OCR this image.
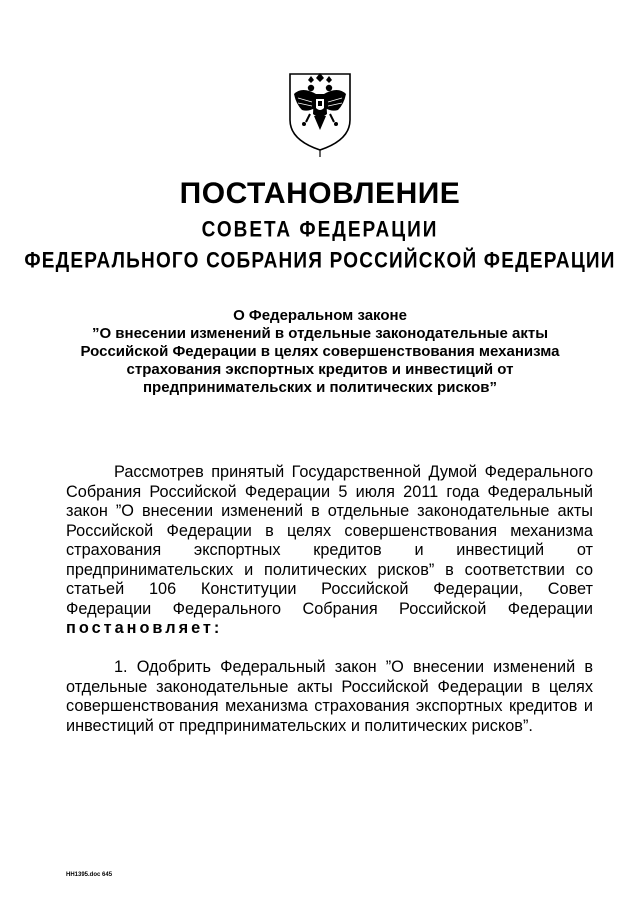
ПОСТАНОВЛЕНИЕ
СОВЕТА ФЕДЕРАЦИИ
ФЕДЕРАЛЬНОГО СОБРАНИЯ РОССИЙСКОЙ ФЕДЕРАЦИИ
О Федеральном законе
”О внесении изменений в отдельные законодательные акты
Российской Федерации в целях совершенствования механизма
страхования экспортных кредитов и инвестиций от
предпринимательских и политических рисков”
Рассмотрев принятый Государственной Думой Федерального
Собрания Российской Федерации 5 июля 2011 года Федеральный
закон ”О внесении изменений в отдельные законодательные акты
Российской Федерации в целях совершенствования механизма
страхования экспортных кредитов и инвестиций от
предпринимательских и политических рисков” в соответствии со
статьей 106 Конституции Российской Федерации, Совет
Федерации Федерального Собрания Российской Федерации
постановляет:
1. Одобрить Федеральный закон ”О внесении изменений в
отдельные законодательные акты Российской Федерации в целях
совершенствования механизма страхования экспортных кредитов и
инвестиций от предпринимательских и политических рисков”.
НН1395.doc 645
